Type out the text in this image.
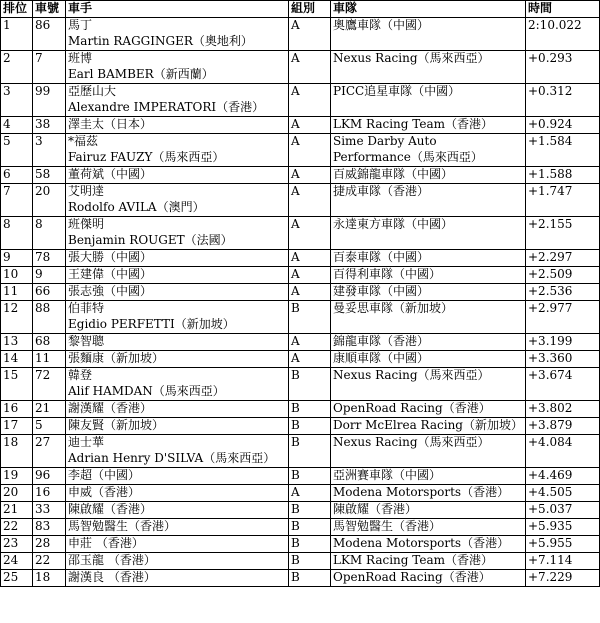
排位	車號	車手	組別	車隊	時間

1	86	馬丁
Martin RAGGINGER（奧地利）	A	奧鷹車隊（中國）	2:10.022

2	7	班博
Earl BAMBER（新西蘭）	A	Nexus Racing（馬來西亞）	+0.293

3	99	亞歷山大
Alexandre IMPERATORI（香港）	A	PICC追星車隊（中國）	+0.312

4	38	澤圭太（日本）	A	LKM Racing Team（香港）	+0.924

5	3	*福茲
Fairuz FAUZY（馬來西亞）	A	Sime Darby Auto
Performance（馬來西亞）	+1.584

6	58	董荷斌（中國）	A	百威錦龍車隊（中國）	+1.588

7	20	艾明達
Rodolfo AVILA（澳門）	A	捷成車隊（香港）	+1.747

8	8	班傑明
Benjamin ROUGET（法國）	A	永達東方車隊（中國）	+2.155

9	78	張大勝（中國）	A	百泰車隊（中國）	+2.297

10	9	王建偉（中國）	A	百得利車隊（中國）	+2.509

11	66	張志強（中國）	A	建發車隊（中國）	+2.536

12	88	伯菲特
Egidio PERFETTI（新加坡）	B	曼妥思車隊（新加坡）	+2.977

13	68	黎智聰	A	錦龍車隊（香港）	+3.199

14	11	張麵康（新加坡）	A	康順車隊（中國）	+3.360

15	72	韓登
Alif HAMDAN（馬來西亞）	B	Nexus Racing（馬來西亞）	+3.674

16	21	謝漢耀（香港）	B	OpenRoad Racing（香港）	+3.802

17	5	陳友賢（新加坡）	B	Dorr McElrea Racing（新加坡）	+3.879

18	27	迪士華
Adrian Henry D'SILVA（馬來西亞）	B	Nexus Racing（馬來西亞）	+4.084

19	96	李超（中國）	B	亞洲賽車隊（中國）	+4.469

20	16	申威（香港）	A	Modena Motorsports（香港）	+4.505

21	33	陳啟耀（香港）	B	陳啟耀（香港）	+5.037

22	83	馬智勉醫生（香港）	B	馬智勉醫生（香港）	+5.935

23	28	申莊 （香港）	B	Modena Motorsports（香港）	+5.955

24	22	邵玉龍 （香港）	B	LKM Racing Team（香港）	+7.114

25	18	謝漢良 （香港）	B	OpenRoad Racing（香港）	+7.229
